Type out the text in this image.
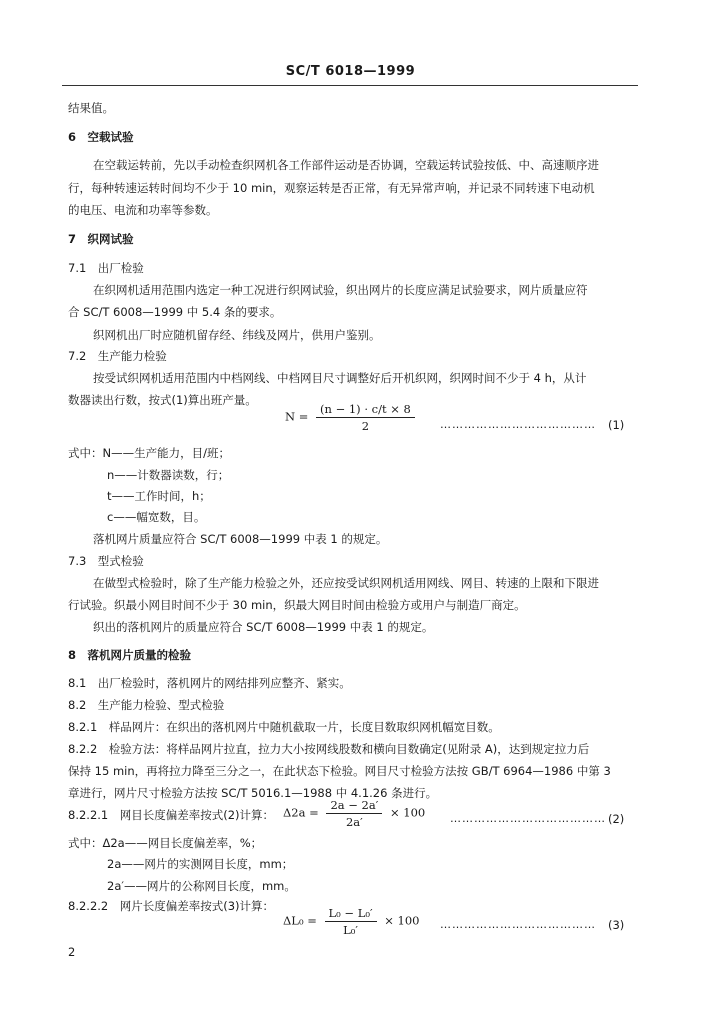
SC/T 6018—1999
结果值。
6　空载试验
在空载运转前，先以手动检查织网机各工作部件运动是否协调，空载运转试验按低、中、高速顺序进
行，每种转速运转时间均不少于 10 min，观察运转是否正常，有无异常声响，并记录不同转速下电动机
的电压、电流和功率等参数。
7　织网试验
7.1　出厂检验
在织网机适用范围内选定一种工况进行织网试验，织出网片的长度应满足试验要求，网片质量应符
合 SC/T 6008—1999 中 5.4 条的要求。
织网机出厂时应随机留存经、纬线及网片，供用户鉴别。
7.2　生产能力检验
按受试织网机适用范围内中档网线、中档网目尺寸调整好后开机织网，织网时间不少于 4 h，从计
数器读出行数，按式(1)算出班产量。
$N = \frac{(n - 1) \cdot c/t \times 8}{2}$ ………………………………… (1)
式中：N——生产能力，目/班；
n——计数器读数，行；
t——工作时间，h；
c——幅宽数，目。
落机网片质量应符合 SC/T 6008—1999 中表 1 的规定。
7.3　型式检验
在做型式检验时，除了生产能力检验之外，还应按受试织网机适用网线、网目、转速的上限和下限进
行试验。织最小网目时间不少于 30 min，织最大网目时间由检验方或用户与制造厂商定。
织出的落机网片的质量应符合 SC/T 6008—1999 中表 1 的规定。
8　落机网片质量的检验
8.1　出厂检验时，落机网片的网结排列应整齐、紧实。
8.2　生产能力检验、型式检验
8.2.1　样品网片：在织出的落机网片中随机截取一片，长度目数取织网机幅宽目数。
8.2.2　检验方法：将样品网片拉直，拉力大小按网线股数和横向目数确定(见附录 A)，达到规定拉力后
保持 15 min，再将拉力降至三分之一，在此状态下检验。网目尺寸检验方法按 GB/T 6964—1986 中第 3
章进行，网片尺寸检验方法按 SC/T 5016.1—1988 中 4.1.26 条进行。
8.2.2.1　网目长度偏差率按式(2)计算： $\Delta 2a = \frac{2a - 2a'}{2a'} \times 100$ ………………………………… (2)
式中：Δ2a——网目长度偏差率，%；
2a——网片的实测网目长度，mm；
2a′——网片的公称网目长度，mm。
8.2.2.2　网片长度偏差率按式(3)计算：
$\Delta L_0 = \frac{\text{L₀ − L₀′}}{\text{L₀′}} \times 100$ ………………………………… (3)
2
